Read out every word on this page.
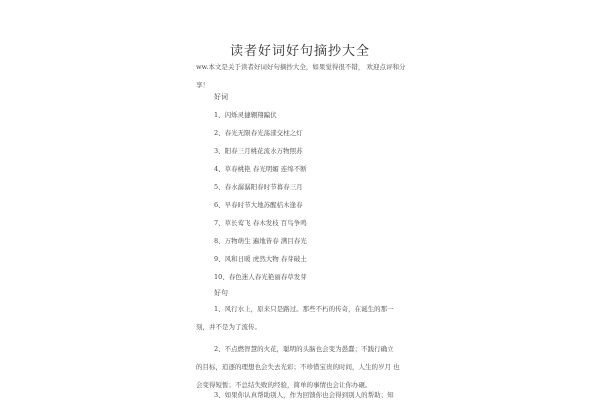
读者好词好句摘抄大全
ww.本文是关于读者好词好句摘抄大全，如果觉得很不错， 欢迎点评和分享！
好词
1、闪烁灵捷翱翔蹁伏
2、春光无限春光荡漾交柱之灯
3、阳春三月桃花流水万物照苏
4、草春桃艳 春光明媚 连绵不断
5、春水潺潺阳春时节暮春三月
6、早春时节大地苏醒桔木逢春
7、草长莺飞 春木发枝 百鸟争鸣
8、万物萌生 遍地皆春 满目春光
9、风和日暖 虎然大物 春芽破土
10、春色迷人春光艳丽春草发芽
好句
1、风行水上，原来只是路过。那些不朽的传奇，在诞生的那一 刻，并不是为了流传。
2、不点燃智慧的火花，聪明的头脑也会变为愚蠢；不践行确立 的目标，追逐的理想也会失去光彩；不珍惜宝贵的时间，人生的岁月 也会变得短暂；不总结失败的经验，简单的事情也会让你办砸。
3、如果你认真帮助别人，作为回馈你也会得到别人的帮助；知
